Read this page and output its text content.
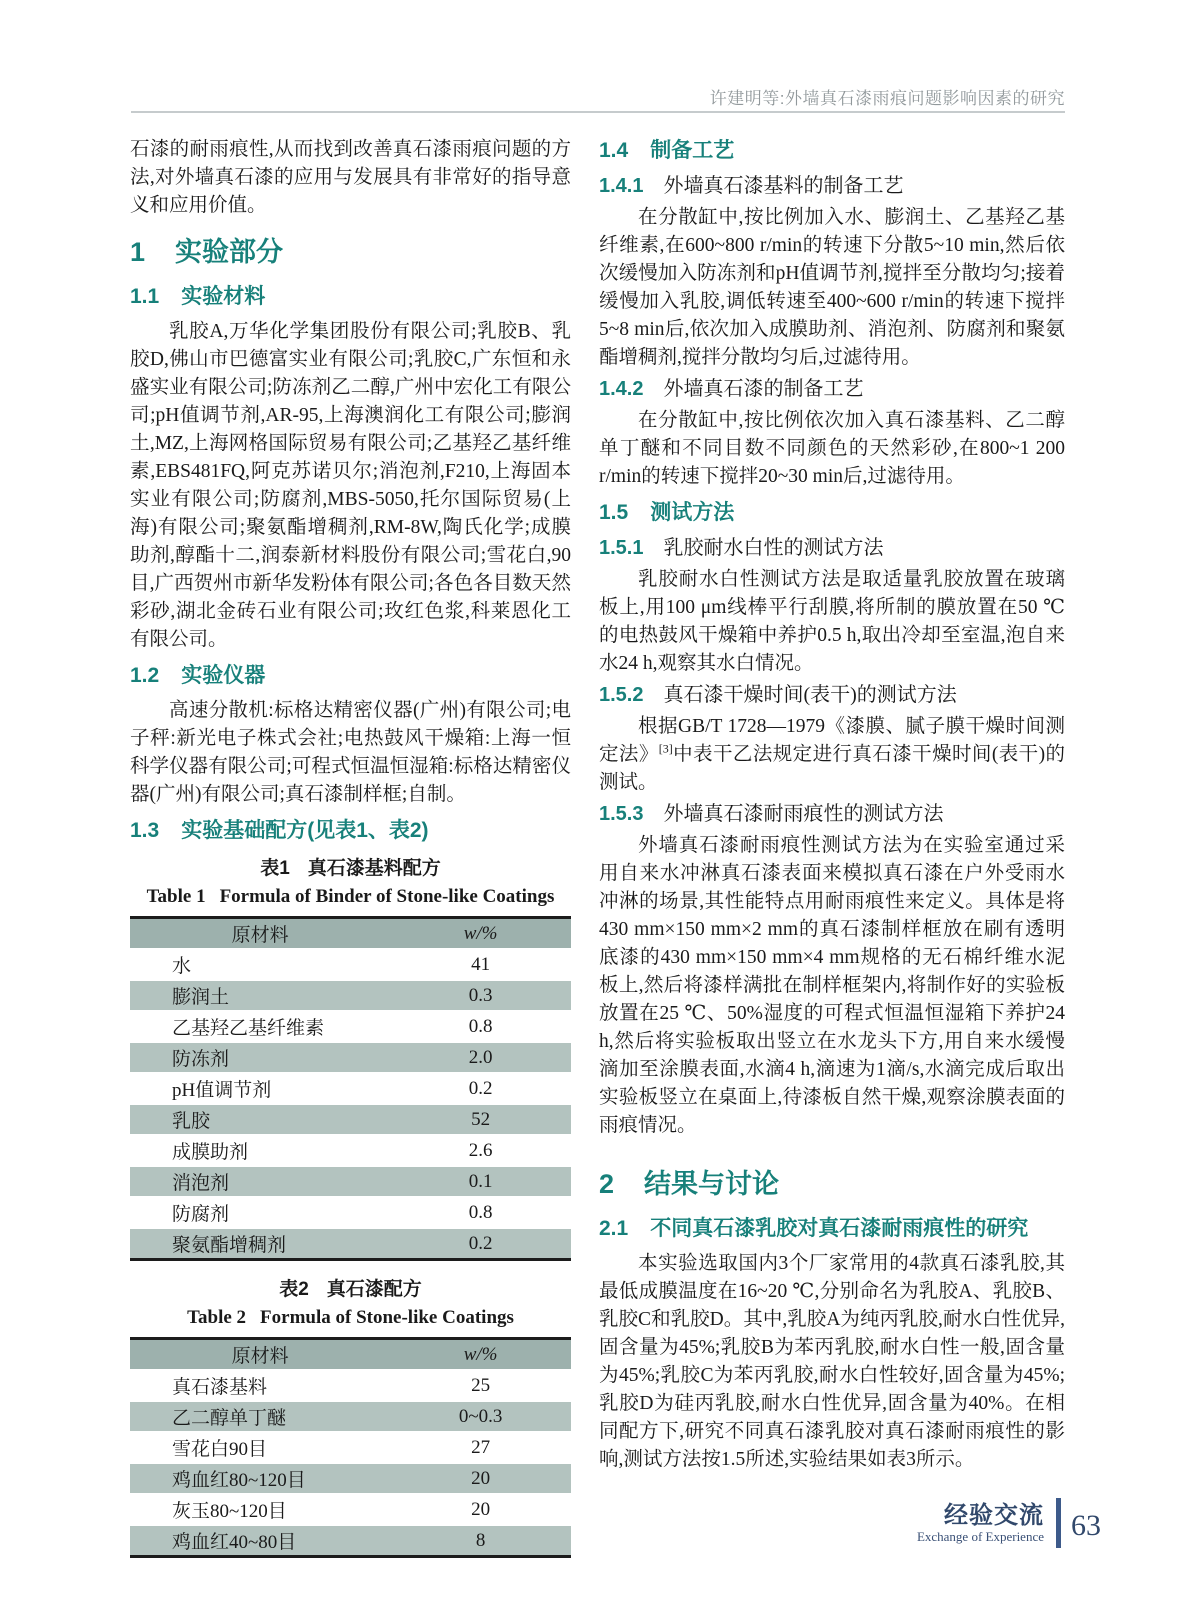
许建明等:外墙真石漆雨痕问题影响因素的研究

石漆的耐雨痕性,从而找到改善真石漆雨痕问题的方法,对外墙真石漆的应用与发展具有非常好的指导意义和应用价值。

1 实验部分
1.1 实验材料

乳胶A,万华化学集团股份有限公司;乳胶B、乳胶D,佛山市巴德富实业有限公司;乳胶C,广东恒和永盛实业有限公司;防冻剂乙二醇,广州中宏化工有限公司;pH值调节剂,AR-95,上海澳润化工有限公司;膨润土,MZ,上海网格国际贸易有限公司;乙基羟乙基纤维素,EBS481FQ,阿克苏诺贝尔;消泡剂,F210,上海固本实业有限公司;防腐剂,MBS-5050,托尔国际贸易(上海)有限公司;聚氨酯增稠剂,RM-8W,陶氏化学;成膜助剂,醇酯十二,润泰新材料股份有限公司;雪花白,90目,广西贺州市新华发粉体有限公司;各色各目数天然彩砂,湖北金砖石业有限公司;玫红色浆,科莱恩化工有限公司。

1.2 实验仪器

高速分散机:标格达精密仪器(广州)有限公司;电子秤:新光电子株式会社;电热鼓风干燥箱:上海一恒科学仪器有限公司;可程式恒温恒湿箱:标格达精密仪器(广州)有限公司;真石漆制样框;自制。

1.3 实验基础配方(见表1、表2)
表1 真石漆基料配方
Table 1 Formula of Binder of Stone-like Coatings
原材料	w/%
水	41
膨润土	0.3
乙基羟乙基纤维素	0.8
防冻剂	2.0
pH值调节剂	0.2
乳胶	52
成膜助剂	2.6
消泡剂	0.1
防腐剂	0.8
聚氨酯增稠剂	0.2
表2 真石漆配方
Table 2 Formula of Stone-like Coatings
原材料	w/%
真石漆基料	25
乙二醇单丁醚	0~0.3
雪花白90目	27
鸡血红80~120目	20
灰玉80~120目	20
鸡血红40~80目	8
1.4 制备工艺
1.4.1 外墙真石漆基料的制备工艺

在分散缸中,按比例加入水、膨润土、乙基羟乙基纤维素,在600~800 r/min的转速下分散5~10 min,然后依次缓慢加入防冻剂和pH值调节剂,搅拌至分散均匀;接着缓慢加入乳胶,调低转速至400~600 r/min的转速下搅拌5~8 min后,依次加入成膜助剂、消泡剂、防腐剂和聚氨酯增稠剂,搅拌分散均匀后,过滤待用。

1.4.2 外墙真石漆的制备工艺

在分散缸中,按比例依次加入真石漆基料、乙二醇单丁醚和不同目数不同颜色的天然彩砂,在800~1 200 r/min的转速下搅拌20~30 min后,过滤待用。

1.5 测试方法
1.5.1 乳胶耐水白性的测试方法

乳胶耐水白性测试方法是取适量乳胶放置在玻璃板上,用100 μm线棒平行刮膜,将所制的膜放置在50 ℃的电热鼓风干燥箱中养护0.5 h,取出冷却至室温,泡自来水24 h,观察其水白情况。

1.5.2 真石漆干燥时间(表干)的测试方法

根据GB/T 1728—1979《漆膜、腻子膜干燥时间测定法》[3]中表干乙法规定进行真石漆干燥时间(表干)的测试。

1.5.3 外墙真石漆耐雨痕性的测试方法

外墙真石漆耐雨痕性测试方法为在实验室通过采用自来水冲淋真石漆表面来模拟真石漆在户外受雨水冲淋的场景,其性能特点用耐雨痕性来定义。具体是将430 mm×150 mm×2 mm的真石漆制样框放在刷有透明底漆的430 mm×150 mm×4 mm规格的无石棉纤维水泥板上,然后将漆样满批在制样框架内,将制作好的实验板放置在25 ℃、50%湿度的可程式恒温恒湿箱下养护24 h,然后将实验板取出竖立在水龙头下方,用自来水缓慢滴加至涂膜表面,水滴4 h,滴速为1滴/s,水滴完成后取出实验板竖立在桌面上,待漆板自然干燥,观察涂膜表面的雨痕情况。

2 结果与讨论
2.1 不同真石漆乳胶对真石漆耐雨痕性的研究

本实验选取国内3个厂家常用的4款真石漆乳胶,其最低成膜温度在16~20 ℃,分别命名为乳胶A、乳胶B、乳胶C和乳胶D。其中,乳胶A为纯丙乳胶,耐水白性优异,固含量为45%;乳胶B为苯丙乳胶,耐水白性一般,固含量为45%;乳胶C为苯丙乳胶,耐水白性较好,固含量为45%;乳胶D为硅丙乳胶,耐水白性优异,固含量为40%。在相同配方下,研究不同真石漆乳胶对真石漆耐雨痕性的影响,测试方法按1.5所述,实验结果如表3所示。

经验交流
Exchange of Experience 63
